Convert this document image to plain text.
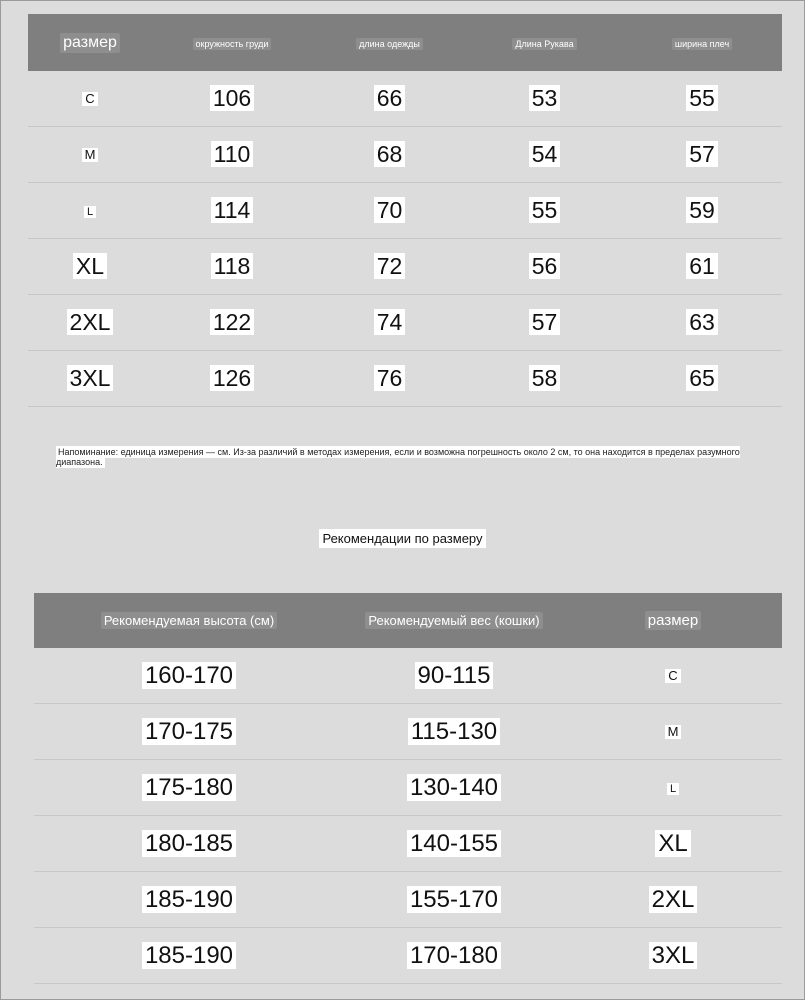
размер	окружность груди	длина одежды	Длина Рукава	ширина плеч
C	106	66	53	55
M	110	68	54	57
L	114	70	55	59
XL	118	72	56	61
2XL	122	74	57	63
3XL	126	76	58	65
Напоминание: единица измерения — см. Из-за различий в методах измерения, если и возможна погрешность около 2 см, то она находится в пределах разумного диапазона.
Рекомендации по размеру
Рекомендуемая высота (см)	Рекомендуемый вес (кошки)	размер
160-170	90-115	C
170-175	115-130	M
175-180	130-140	L
180-185	140-155	XL
185-190	155-170	2XL
185-190	170-180	3XL
